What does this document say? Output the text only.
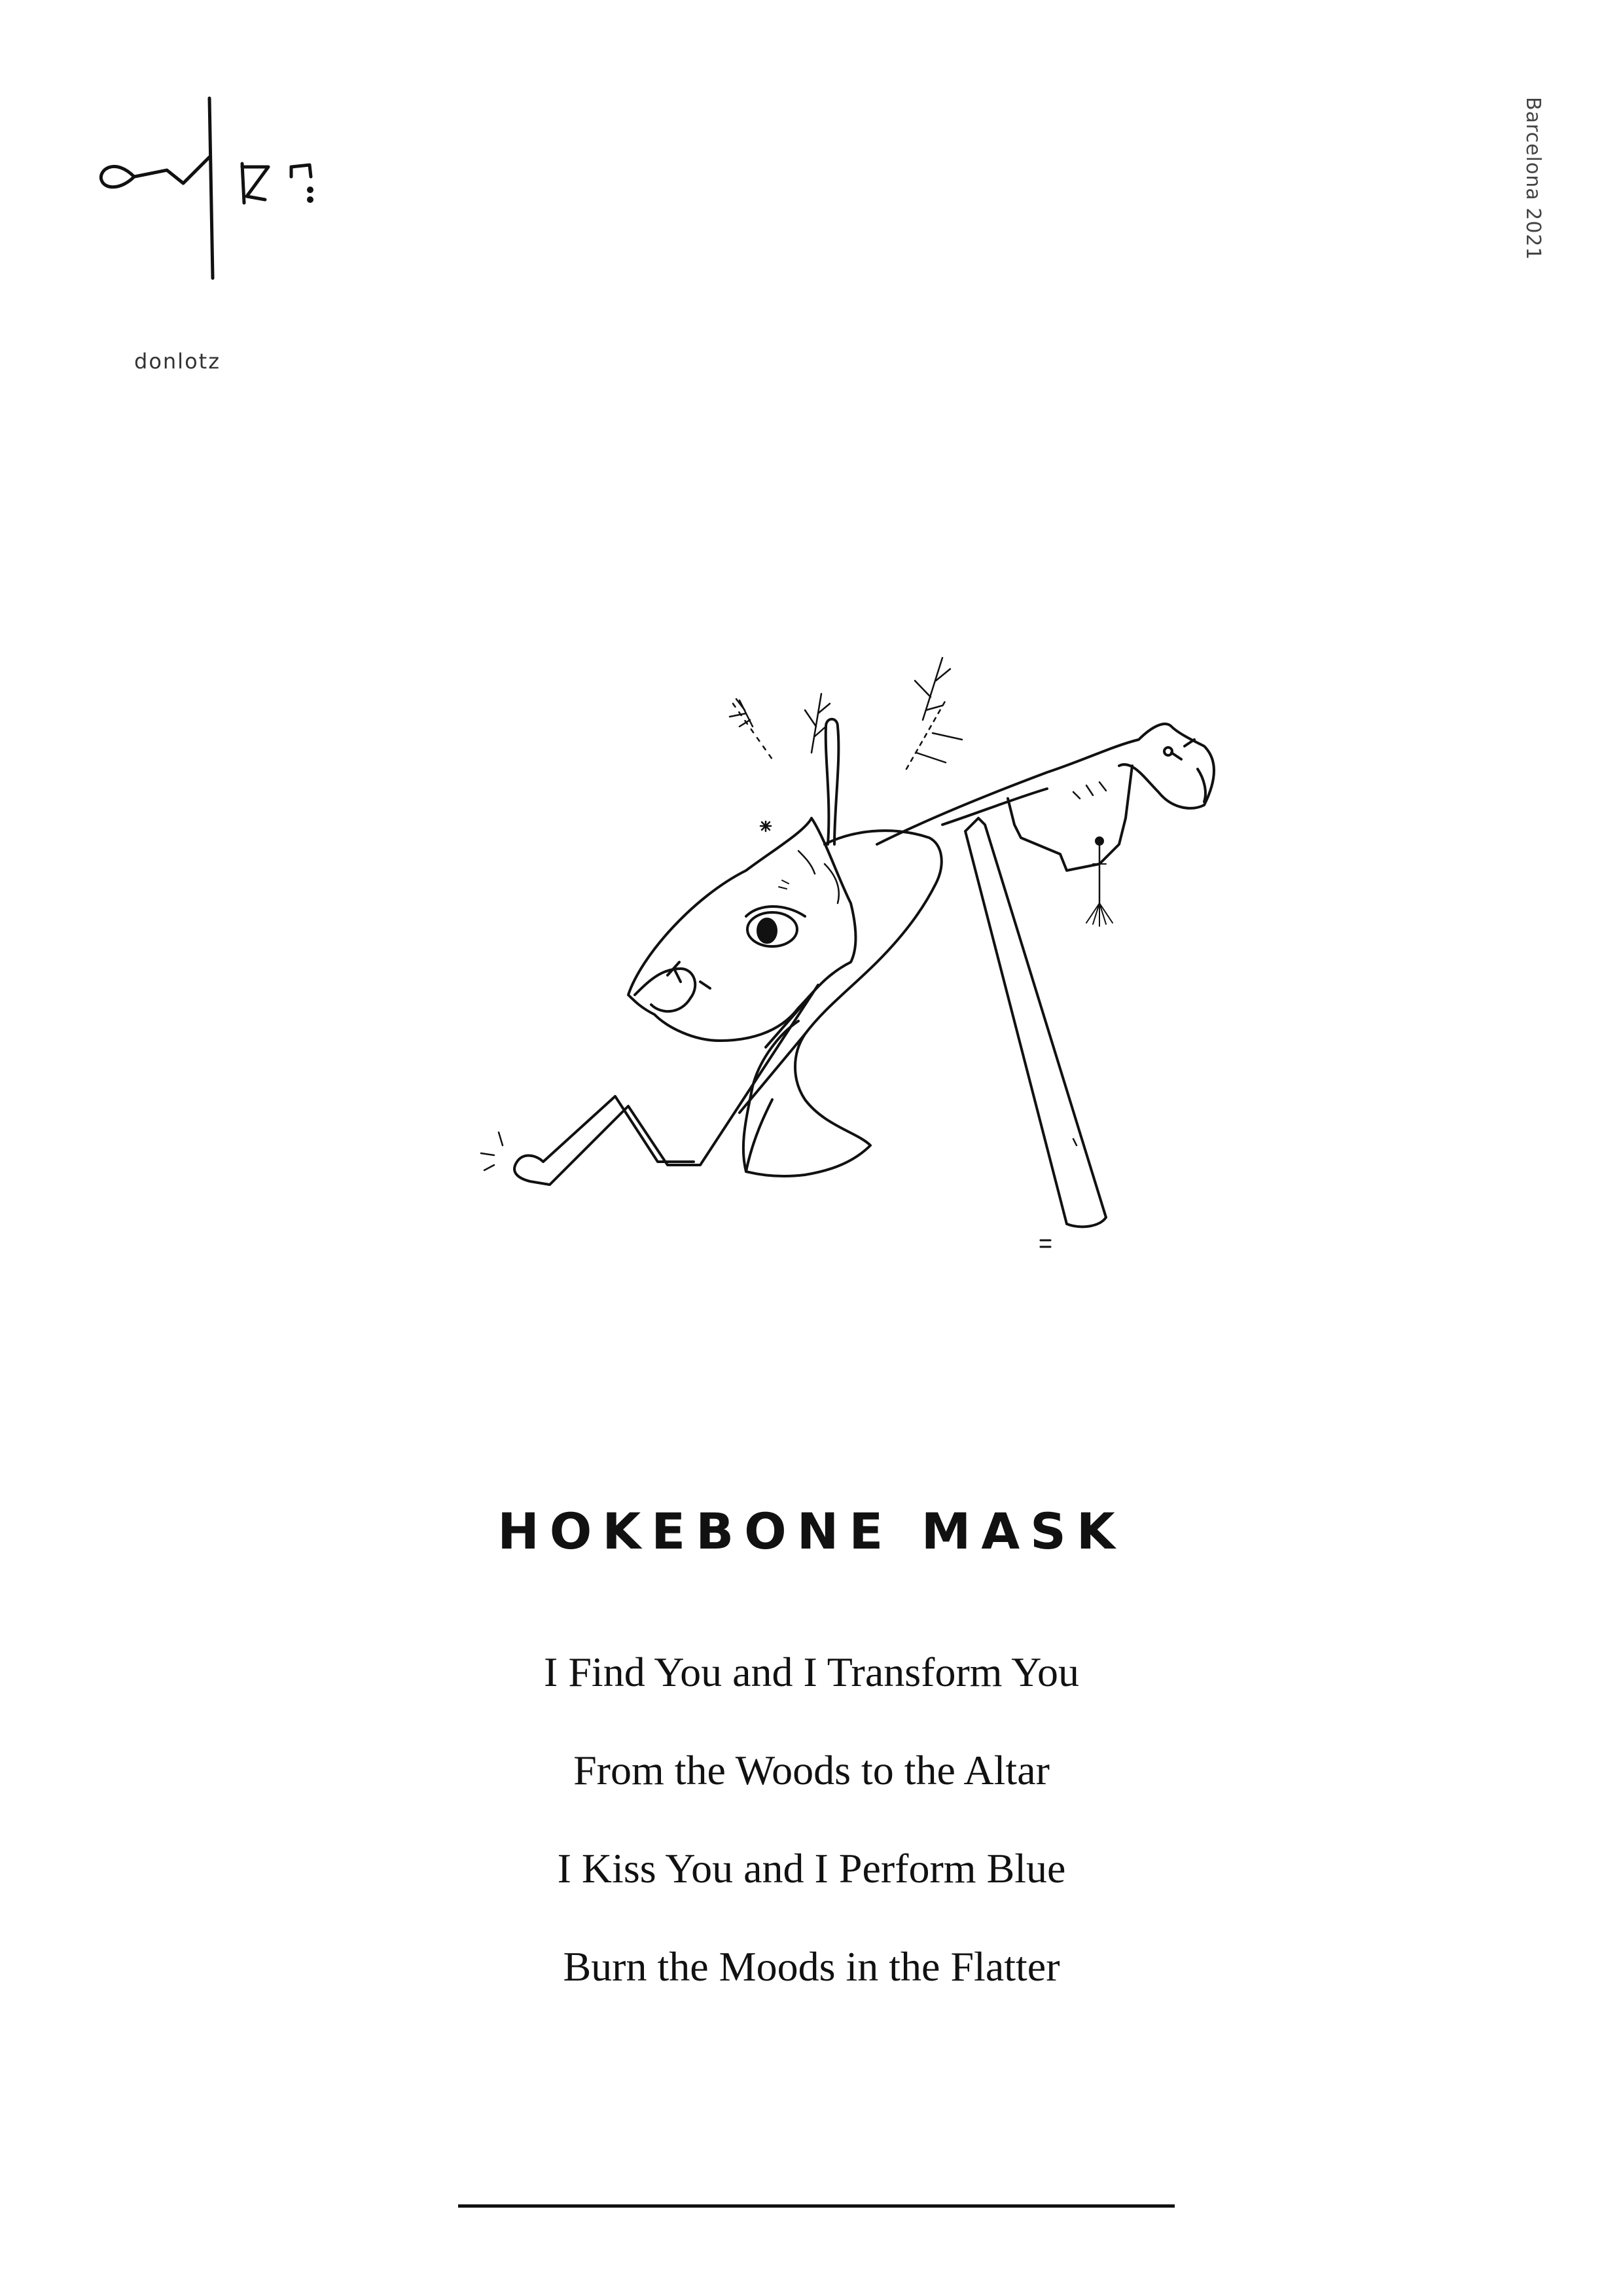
donlotz
Barcelona 2021
HOKEBONE MASK
I Find You and I Transform You
From the Woods to the Altar
I Kiss You and I Perform Blue
Burn the Moods in the Flatter
